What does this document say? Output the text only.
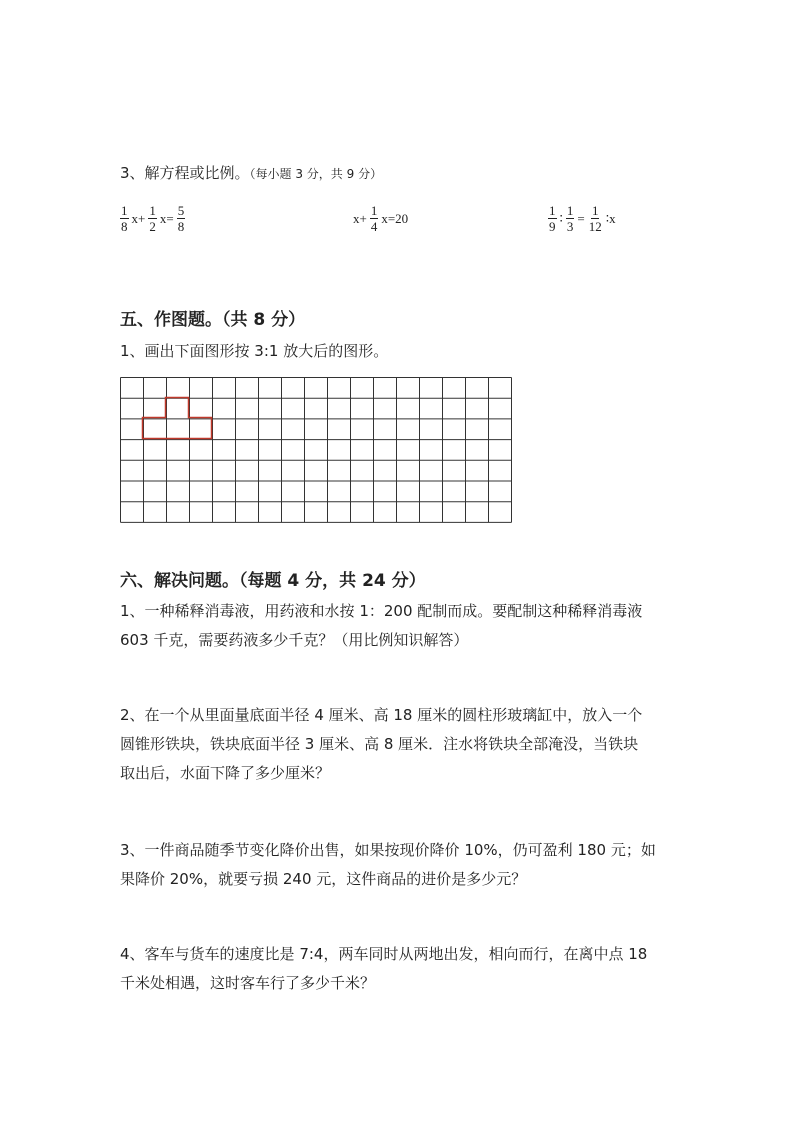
3、解方程或比例。（每小题 3 分，共 9 分）
$\frac{1}{8} x+ \frac{1}{2} x= \frac{5}{8}$	$x+ \frac{1}{4} x=20$	$\frac{1}{9}$ ∶ $\frac{1}{3} = \frac{1}{12}$ ∶x
五、作图题。（共 8 分）
1、画出下面图形按 3:1 放大后的图形。
六、解决问题。（每题 4 分，共 24 分）
1、一种稀释消毒液，用药液和水按 1：200 配制而成。要配制这种稀释消毒液
603 千克，需要药液多少千克？（用比例知识解答）
2、在一个从里面量底面半径 4 厘米、高 18 厘米的圆柱形玻璃缸中，放入一个
圆锥形铁块，铁块底面半径 3 厘米、高 8 厘米．注水将铁块全部淹没，当铁块
取出后，水面下降了多少厘米？
3、一件商品随季节变化降价出售，如果按现价降价 10%，仍可盈利 180 元；如
果降价 20%，就要亏损 240 元，这件商品的进价是多少元？
4、客车与货车的速度比是 7:4，两车同时从两地出发，相向而行，在离中点 18
千米处相遇，这时客车行了多少千米？
